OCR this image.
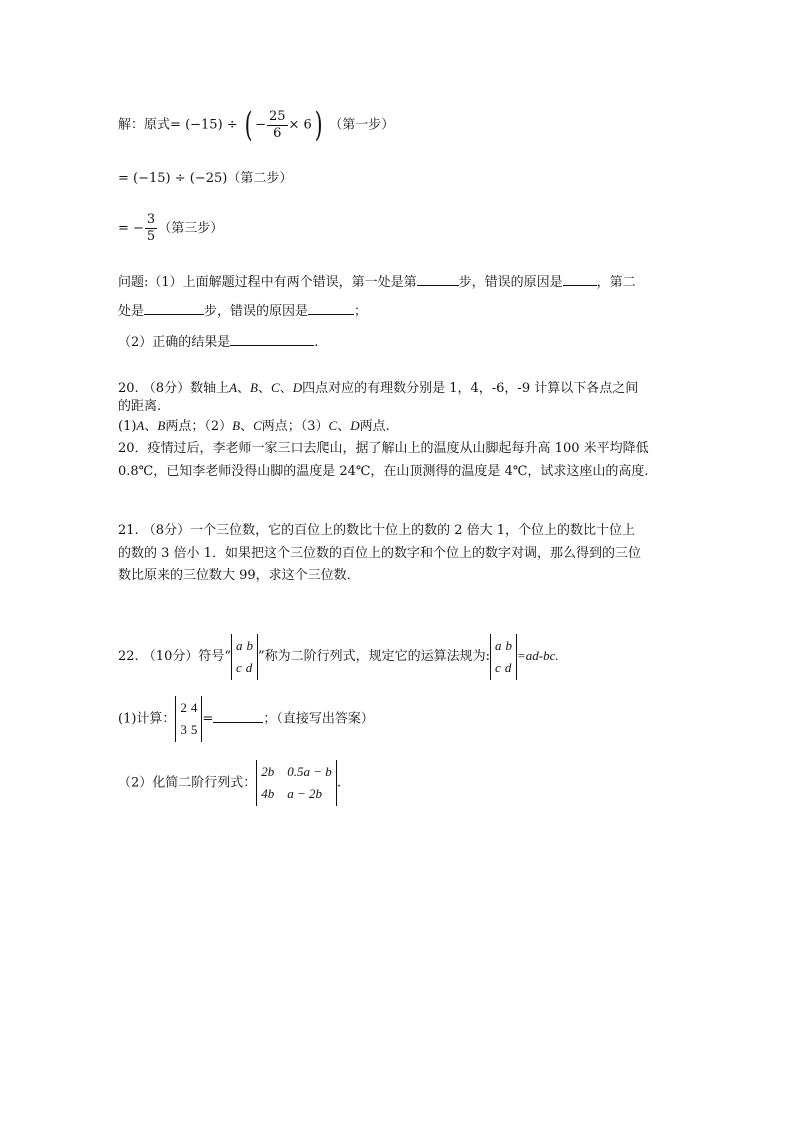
解：原式= (−15) ÷ ( − $\frac{25}{6} \times 6$) （第一步）
= (−15) ÷ (−25)（第二步）
= − $\frac{3}{5}$ （第三步）
问题:（1）上面解题过程中有两个错误，第一处是第	步，错误的原因是	，第二
处是	步，错误的原因是	；
（2）正确的结果是	.
20. （8分）数轴上A、B、C、D四点对应的有理数分别是 1，4，-6，-9 计算以下各点之间
的距离.
(1)A、B两点；（2）B、C两点；（3）C、D两点.
20．疫情过后，李老师一家三口去爬山，据了解山上的温度从山脚起每升高 100 米平均降低
0.8℃，已知李老师没得山脚的温度是 24℃，在山顶测得的温度是 4℃，试求这座山的高度.
21. （8分）一个三位数，它的百位上的数比十位上的数的 2 倍大 1，个位上的数比十位上
的数的 3 倍小 1．如果把这个三位数的百位上的数字和个位上的数字对调，那么得到的三位
数比原来的三位数大 99，求这个三位数．
22. （10分）符号“
a b
c d
”称为二阶行列式，规定它的运算法规为:
a b
c d
=ad-bc.
(1)计算：
2 4
3 5
=	；（直接写出答案）
（2）化简二阶行列式：
2b 0.5a − b
4b a − 2b
.
